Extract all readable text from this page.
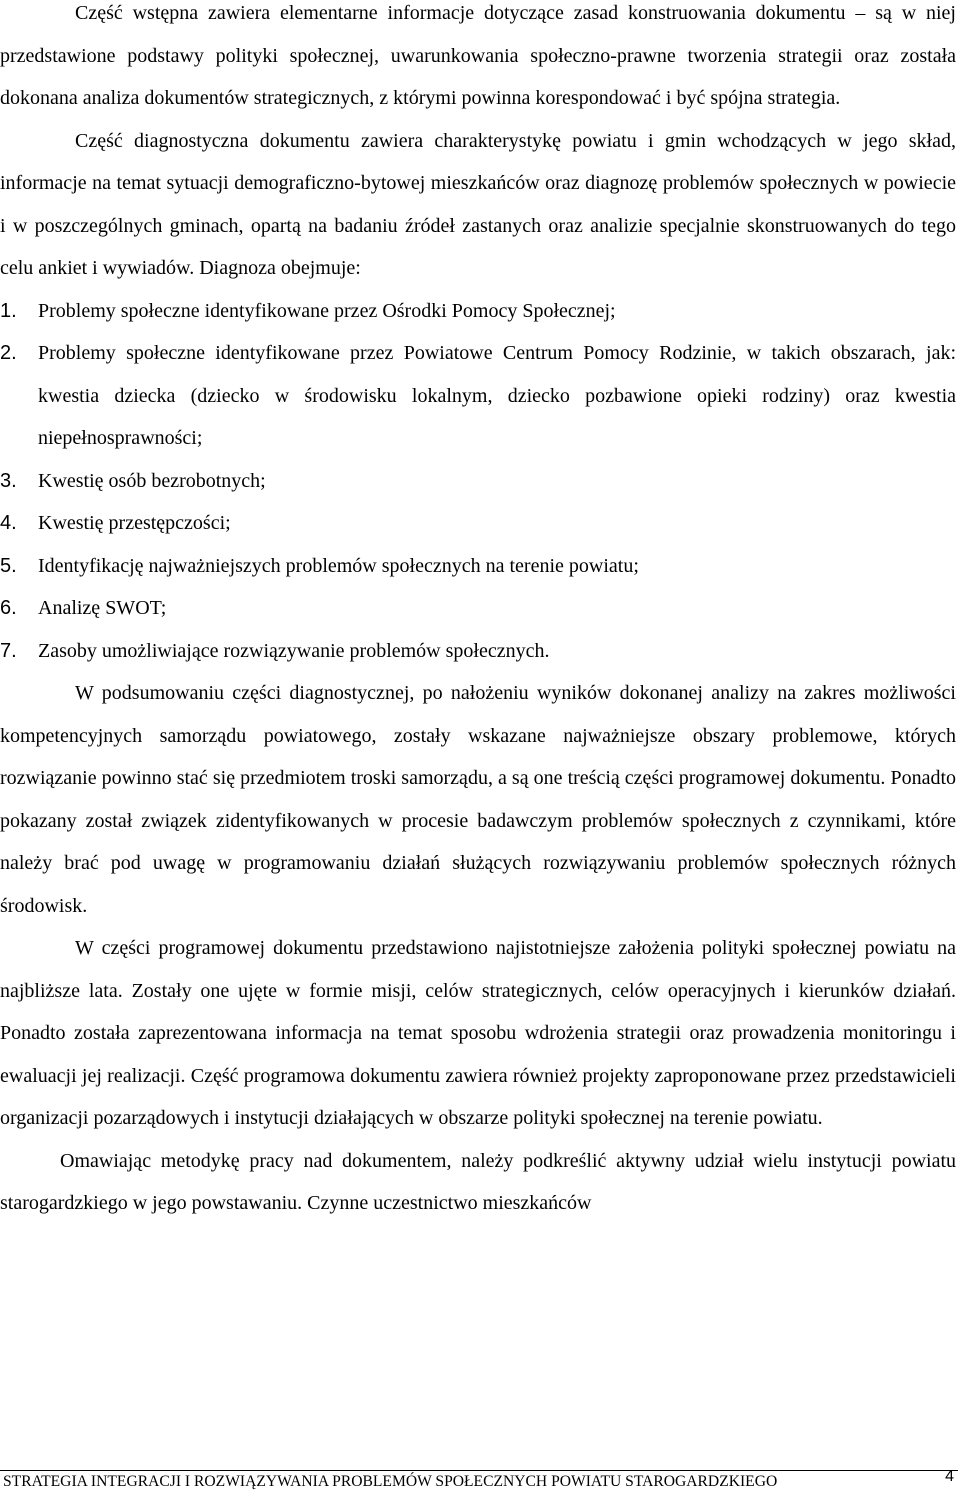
Część wstępna zawiera elementarne informacje dotyczące zasad konstruowania dokumentu – są w niej przedstawione podstawy polityki społecznej, uwarunkowania społeczno-prawne tworzenia strategii oraz została dokonana analiza dokumentów strategicznych, z którymi powinna korespondować i być spójna strategia.

Część diagnostyczna dokumentu zawiera charakterystykę powiatu i gmin wchodzących w jego skład, informacje na temat sytuacji demograficzno-bytowej mieszkańców oraz diagnozę problemów społecznych w powiecie i w poszczególnych gminach, opartą na badaniu źródeł zastanych oraz analizie specjalnie skonstruowanych do tego celu ankiet i wywiadów. Diagnoza obejmuje:

1. Problemy społeczne identyfikowane przez Ośrodki Pomocy Społecznej;
2. Problemy społeczne identyfikowane przez Powiatowe Centrum Pomocy Rodzinie, w takich obszarach, jak: kwestia dziecka (dziecko w środowisku lokalnym, dziecko pozbawione opieki rodziny) oraz kwestia niepełnosprawności;
3. Kwestię osób bezrobotnych;
4. Kwestię przestępczości;
5. Identyfikację najważniejszych problemów społecznych na terenie powiatu;
6. Analizę SWOT;
7. Zasoby umożliwiające rozwiązywanie problemów społecznych.

W podsumowaniu części diagnostycznej, po nałożeniu wyników dokonanej analizy na zakres możliwości kompetencyjnych samorządu powiatowego, zostały wskazane najważniejsze obszary problemowe, których rozwiązanie powinno stać się przedmiotem troski samorządu, a są one treścią części programowej dokumentu. Ponadto pokazany został związek zidentyfikowanych w procesie badawczym problemów społecznych z czynnikami, które należy brać pod uwagę w programowaniu działań służących rozwiązywaniu problemów społecznych różnych środowisk.

W części programowej dokumentu przedstawiono najistotniejsze założenia polityki społecznej powiatu na najbliższe lata. Zostały one ujęte w formie misji, celów strategicznych, celów operacyjnych i kierunków działań. Ponadto została zaprezentowana informacja na temat sposobu wdrożenia strategii oraz prowadzenia monitoringu i ewaluacji jej realizacji. Część programowa dokumentu zawiera również projekty zaproponowane przez przedstawicieli organizacji pozarządowych i instytucji działających w obszarze polityki społecznej na terenie powiatu.

Omawiając metodykę pracy nad dokumentem, należy podkreślić aktywny udział wielu instytucji powiatu starogardzkiego w jego powstawaniu. Czynne uczestnictwo mieszkańców

STRATEGIA INTEGRACJI I ROZWIĄZYWANIA PROBLEMÓW SPOŁECZNYCH POWIATU STAROGARDZKIEGO	4
